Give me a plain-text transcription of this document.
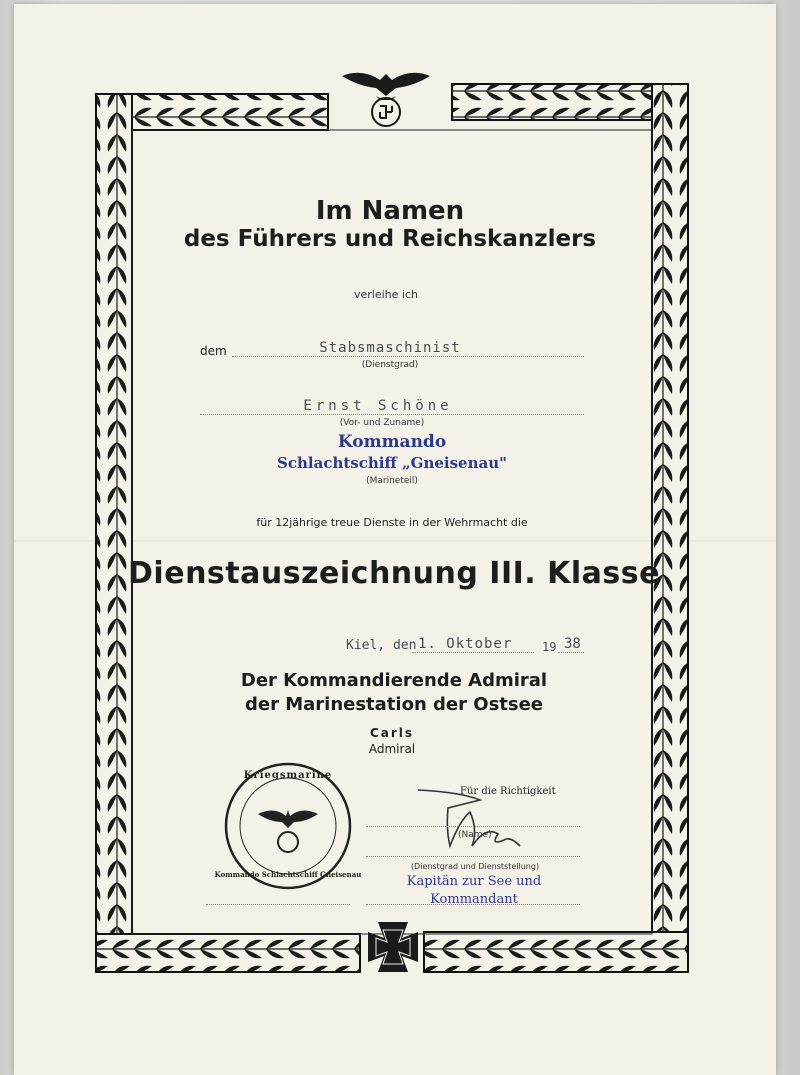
Im Namen
des Führers und Reichskanzlers
verleihe ich
dem	Stabsmaschinist
(Dienstgrad)
Ernst Schöne
(Vor- und Zuname)
Kommando
Schlachtschiff „Gneisenau"
(Marineteil)
für 12jährige treue Dienste in der Wehrmacht die
Dienstauszeichnung III. Klasse
Kiel, den 1. Oktober 19 38
Der Kommandierende Admiral
der Marinestation der Ostsee
Carls
Admiral
Kriegsmarine
Kommando Schlachtschiff Gneisenau
Für die Richtigkeit
(Name)
(Dienstgrad und Dienststellung)
Kapitän zur See und
Kommandant
